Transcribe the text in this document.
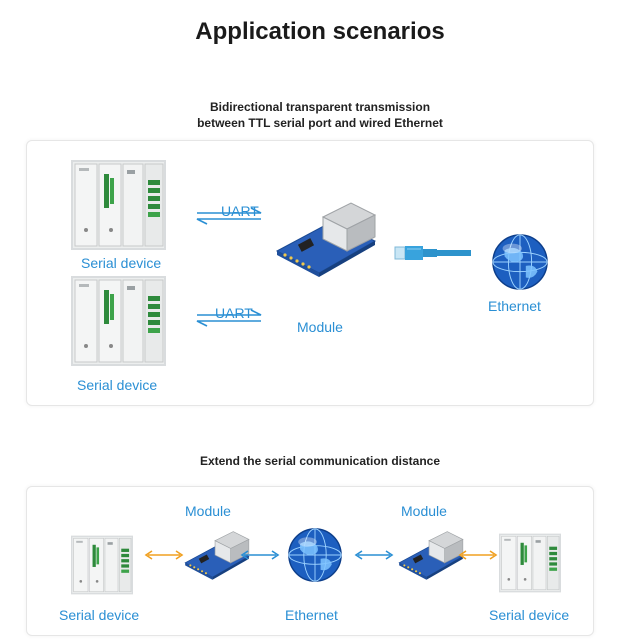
Application scenarios
Bidirectional transparent transmission
between TTL serial port and wired Ethernet
Serial device
Serial device
UART
UART
Module
Ethernet
Extend the serial communication distance
Serial device
Module
Ethernet
Module
Serial device
